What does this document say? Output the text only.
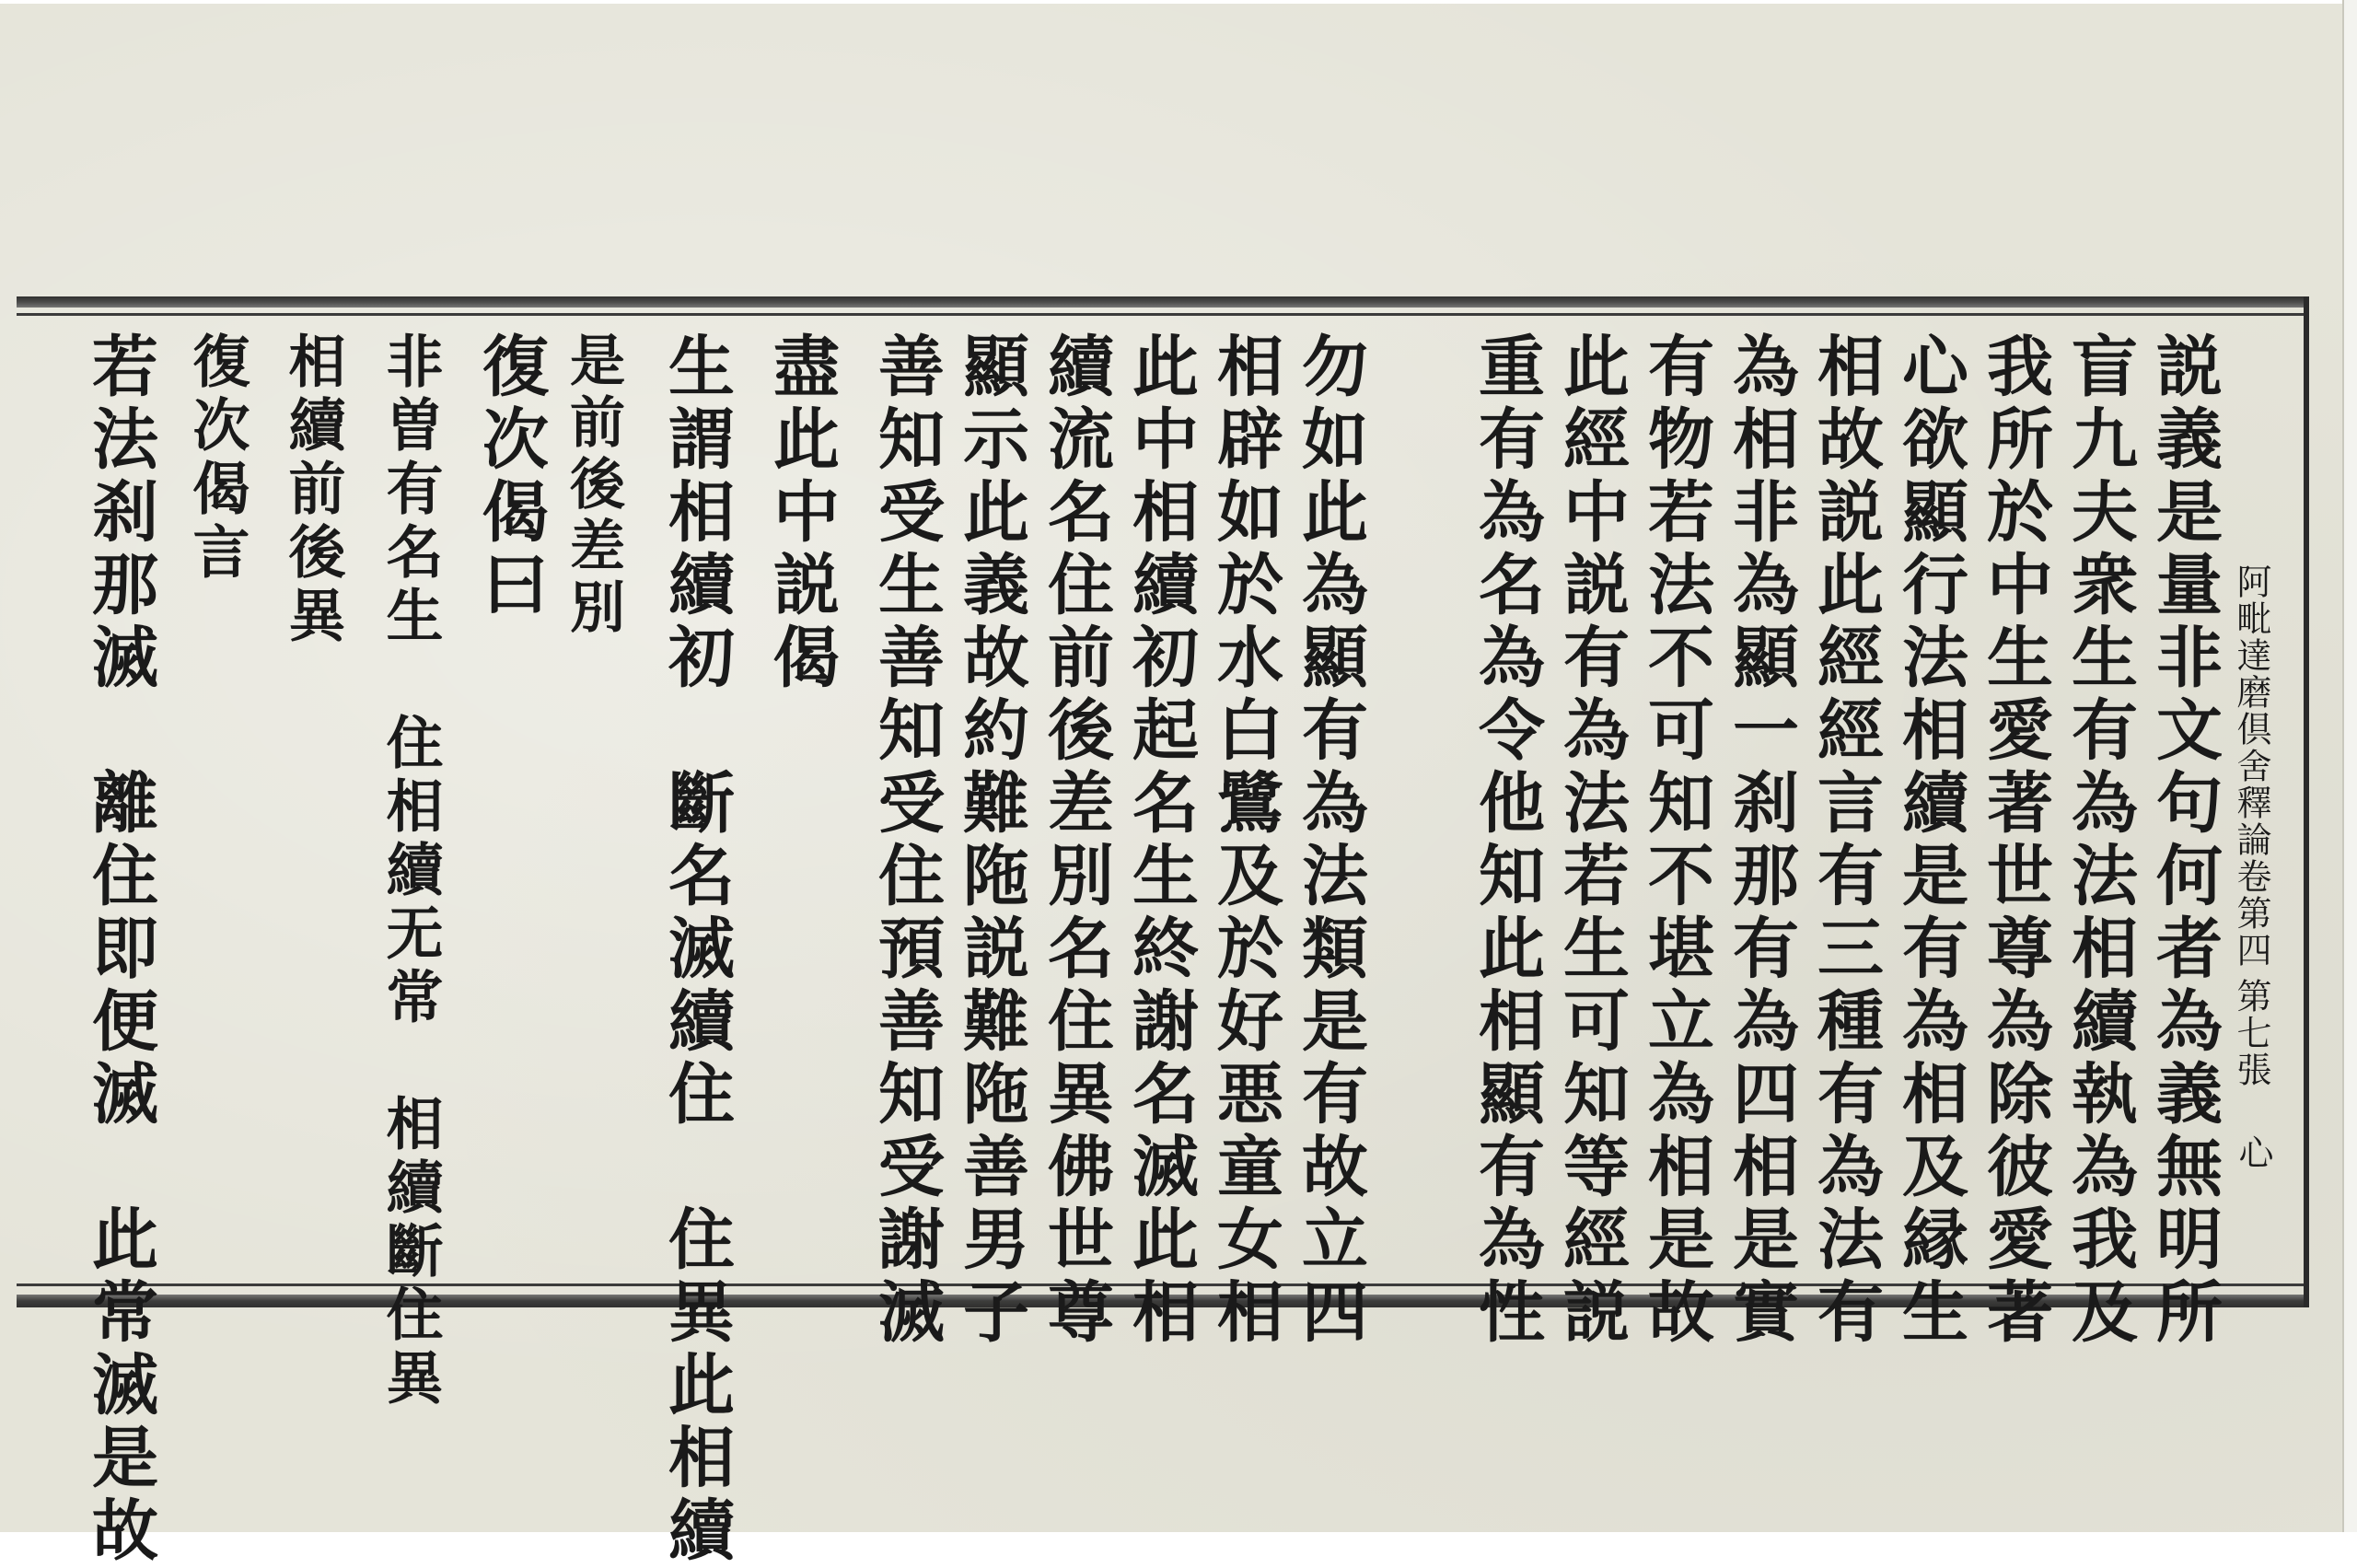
阿毗達磨倶舍釋論卷第四
第七張
心
説義是量非文句何者為義無明所
盲九夫衆生有為法相續執為我及
我所於中生愛著世尊為除彼愛著
心欲顯行法相續是有為相及縁生
相故説此經經言有三種有為法有
為相非為顯一刹那有為四相是實
有物若法不可知不堪立為相是故
此經中説有為法若生可知等經説
重有為名為令他知此相顯有為性
勿如此為顯有為法類是有故立四
相辟如於水白鷺及於好悪童女相
此中相續初起名生終謝名滅此相
續流名住前後差別名住異佛世尊
顯示此義故約難陁説難陁善男子
善知受生善知受住預善知受謝滅
盡此中説偈
生謂相續初　斷名滅續住　住異此相續
是前後差別
復次偈曰
非曽有名生　住相續无常　相續斷住異
相續前後異
復次偈言
若法刹那滅　離住即便滅　此常滅是故
